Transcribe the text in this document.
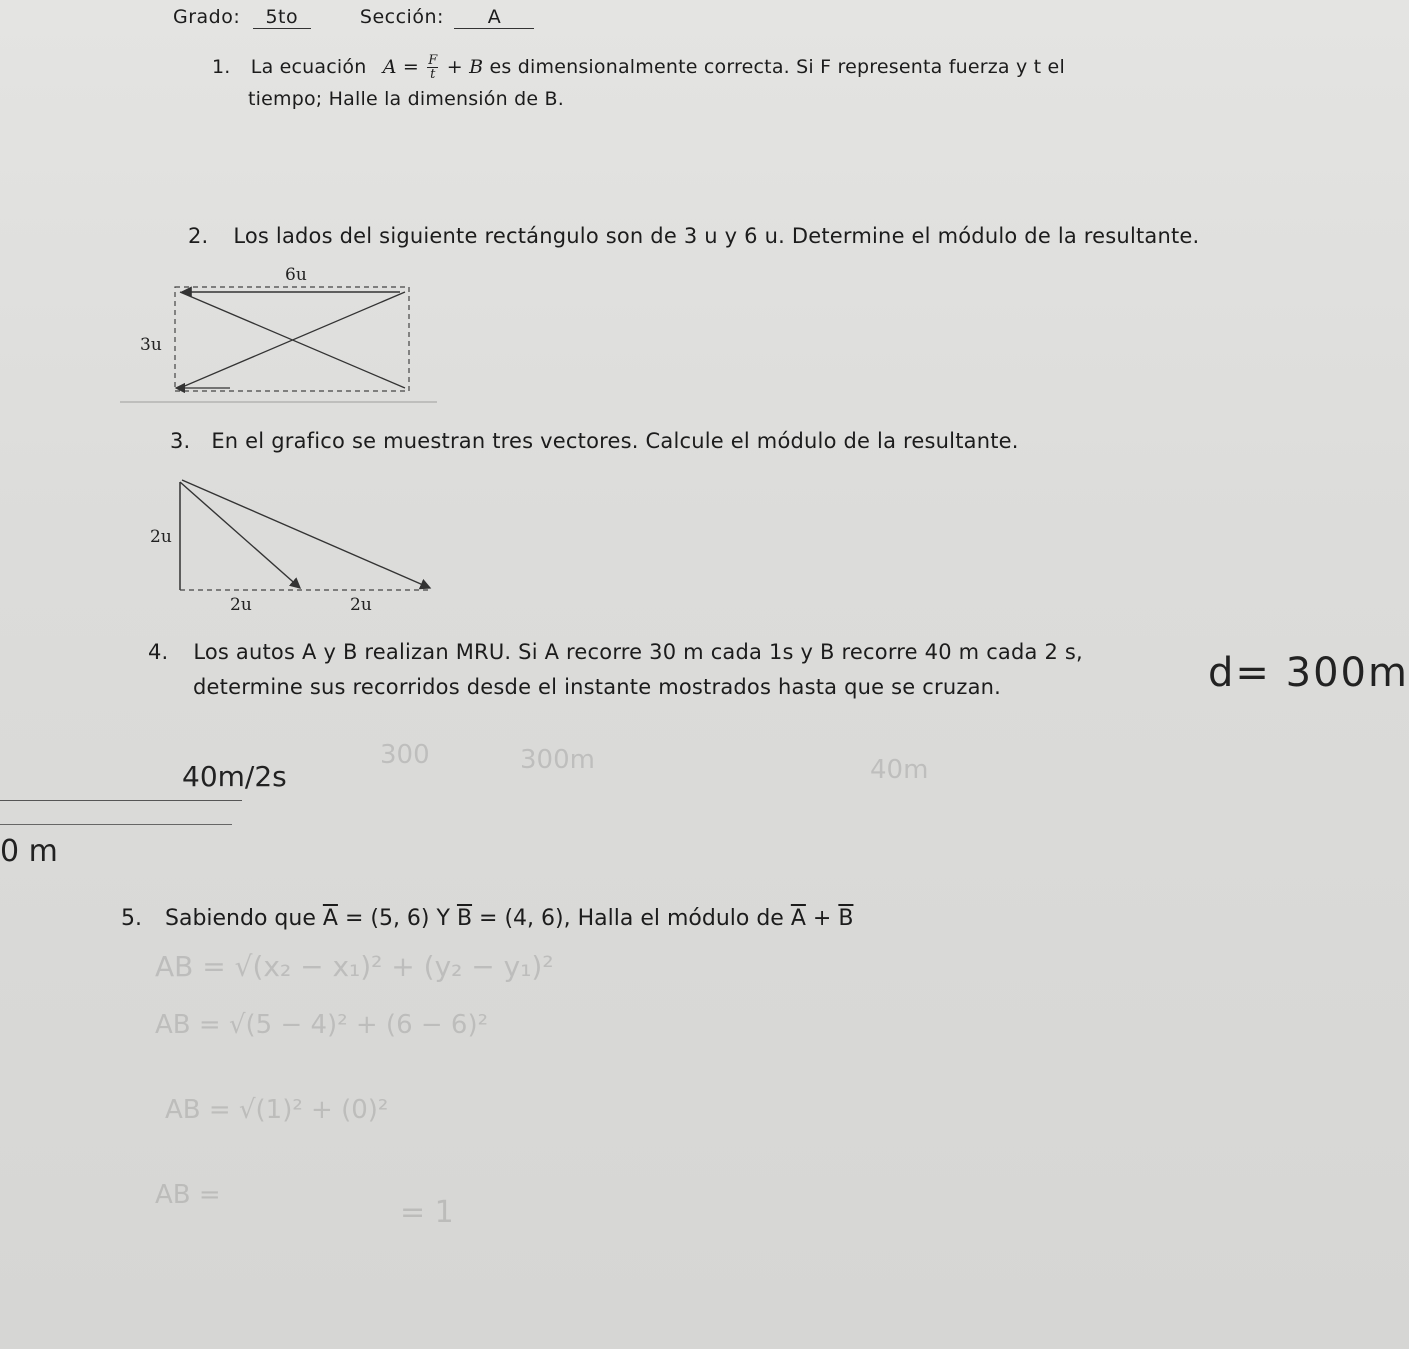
Grado: 5to	Sección: A
1. La ecuación $A = \frac{F}{t} + B$ es dimensionalmente correcta. Si F representa fuerza y t el
tiempo; Halle la dimensión de B.
2. Los lados del siguiente rectángulo son de 3 u y 6 u. Determine el módulo de la resultante.
6u
3u
3. En el grafico se muestran tres vectores. Calcule el módulo de la resultante.
2u
2u	2u
4. Los autos A y B realizan MRU. Si A recorre 30 m cada 1s y B recorre 40 m cada 2 s,
determine sus recorridos desde el instante mostrados hasta que se cruzan.	d= 300m
40m/2s
0 m
300	300m	40m
5. Sabiendo que $\overline{A} = (5$, 6) Y $\overline{B} = (4$, 6), Halla el módulo de $\overline{A} + \overline{B}$
AB = √(x₂ − x₁)² + (y₂ − y₁)²
AB = √(5 − 4)² + (6 − 6)²
AB = √(1)² + (0)²
AB =	= 1
